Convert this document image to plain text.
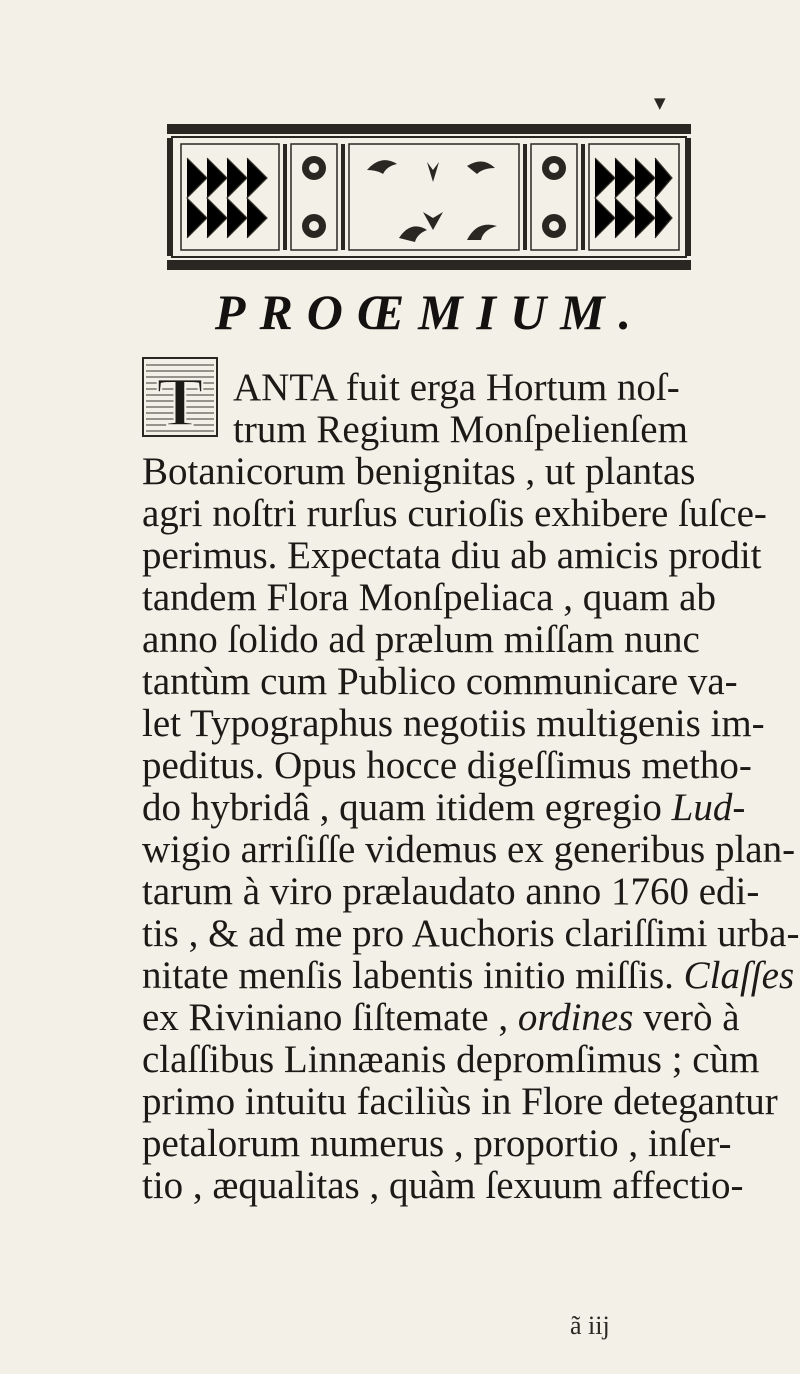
▼
PROŒMIUM.
T ANTA fuit erga Hortum noſ-
trum Regium Monſpelienſem
Botanicorum benignitas , ut plantas
agri noſtri rurſus curioſis exhibere ſuſce-
perimus. Expectata diu ab amicis prodit
tandem Flora Monſpeliaca , quam ab
anno ſolido ad prælum miſſam nunc
tantùm cum Publico communicare va-
let Typographus negotiis multigenis im-
peditus. Opus hocce digeſſimus metho-
do hybridâ , quam itidem egregio Lud-
wigio arriſiſſe videmus ex generibus plan-
tarum à viro prælaudato anno 1760 edi-
tis , & ad me pro Auchoris clariſſimi urba-
nitate menſis labentis initio miſſis. Claſſes
ex Riviniano ſiſtemate , ordines verò à
claſſibus Linnæanis depromſimus ; cùm
primo intuitu faciliùs in Flore detegantur
petalorum numerus , proportio , inſer-
tio , æqualitas , quàm ſexuum affectio-
ã iij
